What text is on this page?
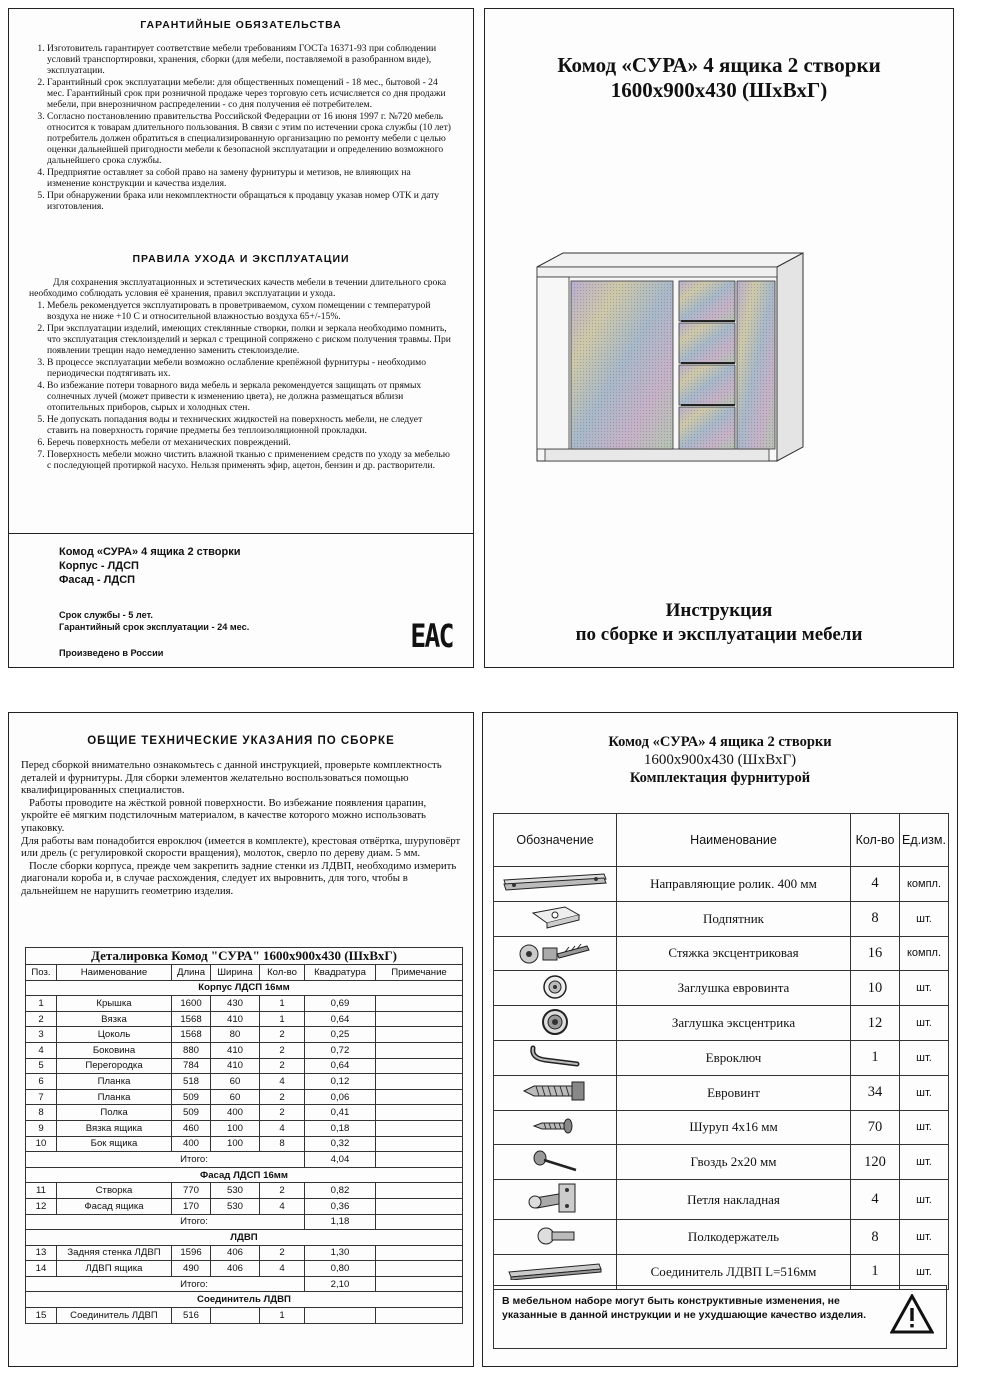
ГАРАНТИЙНЫЕ ОБЯЗАТЕЛЬСТВА

1. Изготовитель гарантирует соответствие мебели требованиям ГОСТа 16371-93 при соблюдении условий транспортировки, хранения, сборки (для мебели, поставляемой в разобранном виде), эксплуатации.
2. Гарантийный срок эксплуатации мебели: для общественных помещений - 18 мес., бытовой - 24 мес. Гарантийный срок при розничной продаже через торговую сеть исчисляется со дня продажи мебели, при внерозничном распределении - со дня получения её потребителем.
3. Согласно постановлению правительства Российской Федерации от 16 июня 1997 г. №720 мебель относится к товарам длительного пользования. В связи с этим по истечении срока службы (10 лет) потребитель должен обратиться в специализированную организацию по ремонту мебели с целью оценки дальнейшей пригодности мебели к безопасной эксплуатации и определению возможного дальнейшего срока службы.
4. Предприятие оставляет за собой право на замену фурнитуры и метизов, не влияющих на изменение конструкции и качества изделия.
5. При обнаружении брака или некомплектности обращаться к продавцу указав номер ОТК и дату изготовления.

ПРАВИЛА УХОДА И ЭКСПЛУАТАЦИИ

Для сохранения эксплуатационных и эстетических качеств мебели в течении длительного срока необходимо соблюдать условия её хранения, правил эксплуатации и ухода.

1. Мебель рекомендуется эксплуатировать в проветриваемом, сухом помещении с температурой воздуха не ниже +10 С и относительной влажностью воздуха 65+/-15%.
2. При эксплуатации изделий, имеющих стеклянные створки, полки и зеркала необходимо помнить, что эксплуатация стеклоизделий и зеркал с трещиной сопряжено с риском получения травмы. При появлении трещин надо немедленно заменить стеклоизделие.
3. В процессе эксплуатации мебели возможно ослабление крепёжной фурнитуры - необходимо периодически подтягивать их.
4. Во избежание потери товарного вида мебель и зеркала рекомендуется защищать от прямых солнечных лучей (может привести к изменению цвета), не должна размещаться вблизи отопительных приборов, сырых и холодных стен.
5. Не допускать попадания воды и технических жидкостей на поверхность мебели, не следует ставить на поверхность горячие предметы без теплоизоляционной прокладки.
6. Беречь поверхность мебели от механических повреждений.
7. Поверхность мебели можно чистить влажной тканью с применением средств по уходу за мебелью с последующей протиркой насухо. Нельзя применять эфир, ацетон, бензин и др. растворители.
Комод «СУРА» 4 ящика 2 створки
Корпус - ЛДСП
Фасад - ЛДСП
Срок службы - 5 лет.
Гарантийный срок эксплуатации - 24 мес.
Произведено в России	EAC
Комод «СУРА» 4 ящика 2 створки
1600х900х430 (ШхВхГ)
Инструкция
по сборке и эксплуатации мебели

ОБЩИЕ ТЕХНИЧЕСКИЕ УКАЗАНИЯ ПО СБОРКЕ

Перед сборкой внимательно ознакомьтесь с данной инструкцией, проверьте комплектность деталей и фурнитуры. Для сборки элементов желательно воспользоваться помощью квалифицированных специалистов.

Работы проводите на жёсткой ровной поверхности. Во избежание появления царапин, укройте её мягким подстилочным материалом, в качестве которого можно использовать упаковку.

Для работы вам понадобится евроключ (имеется в комплекте), крестовая отвёртка, шуруповёрт или дрель (с регулировкой скорости вращения), молоток, сверло по дереву диам. 5 мм.

После сборки корпуса, прежде чем закрепить задние стенки из ЛДВП, необходимо измерить диагонали короба и, в случае расхождения, следует их выровнить, для того, чтобы в дальнейшем не нарушить геометрию изделия.

Деталировка Комод "СУРА" 1600х900х430 (ШхВхГ)						
Поз.	Наименование	Длина	Ширина	Кол-во	Квадратура	Примечание
Корпус ЛДСП 16мм						
1	Крышка	1600	430	1	0,69	
2	Вязка	1568	410	1	0,64	
3	Цоколь	1568	80	2	0,25	
4	Боковина	880	410	2	0,72	
5	Перегородка	784	410	2	0,64	
6	Планка	518	60	4	0,12	
7	Планка	509	60	2	0,06	
8	Полка	509	400	2	0,41	
9	Вязка ящика	460	100	4	0,18	
10	Бок ящика	400	100	8	0,32	
Итого:					4,04	
Фасад ЛДСП 16мм						
11	Створка	770	530	2	0,82	
12	Фасад ящика	170	530	4	0,36	
Итого:					1,18	
ЛДВП						
13	Задняя стенка ЛДВП	1596	406	2	1,30	
14	ЛДВП ящика	490	406	4	0,80	
Итого:					2,10	
Соединитель ЛДВП						
15	Соединитель ЛДВП	516		1		
Комод «СУРА» 4 ящика 2 створки
1600х900х430 (ШхВхГ)
Комплектация фурнитурой
Обозначение	Наименование	Кол-во	Ед.изм.
	Направляющие ролик. 400 мм	4	компл.
	Подпятник	8	шт.
	Стяжка эксцентриковая	16	компл.
	Заглушка евровинта	10	шт.
	Заглушка эксцентрика	12	шт.
	Евроключ	1	шт.
	Евровинт	34	шт.
	Шуруп 4х16 мм	70	шт.
	Гвоздь 2х20 мм	120	шт.
	Петля накладная	4	шт.
	Полкодержатель	8	шт.
	Соединитель ЛДВП L=516мм	1	шт.
В мебельном наборе могут быть конструктивные изменения, не указанные в данной инструкции и не ухудшающие качество изделия.
